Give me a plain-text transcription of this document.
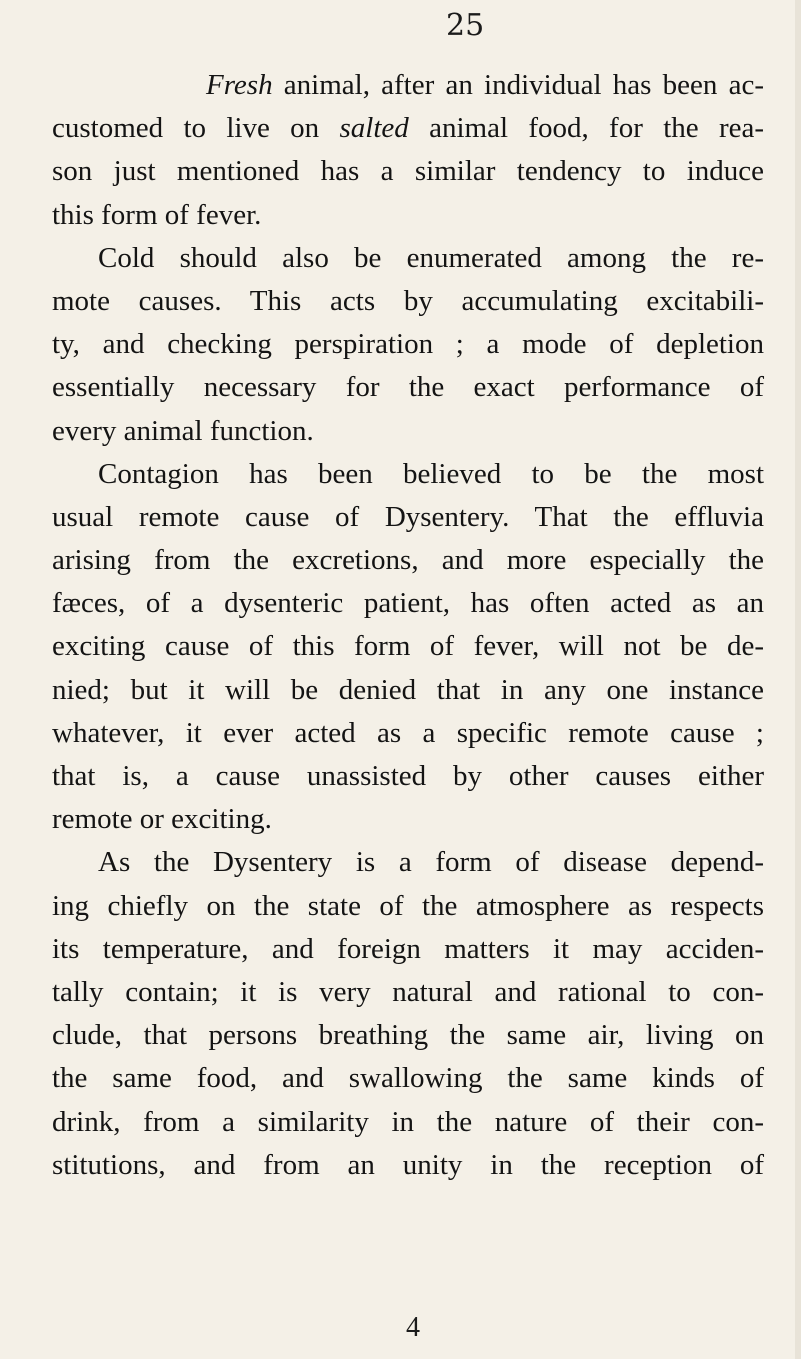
25

Fresh animal, after an individual has been ac-
customed to live on salted animal food, for the rea-
son just mentioned has a similar tendency to induce
this form of fever.
Cold should also be enumerated among the re-
mote causes. This acts by accumulating excitabili-
ty, and checking perspiration ; a mode of depletion
essentially necessary for the exact performance of
every animal function.
Contagion has been believed to be the most
usual remote cause of Dysentery. That the effluvia
arising from the excretions, and more especially the
fæces, of a dysenteric patient, has often acted as an
exciting cause of this form of fever, will not be de-
nied; but it will be denied that in any one instance
whatever, it ever acted as a specific remote cause ;
that is, a cause unassisted by other causes either
remote or exciting.
As the Dysentery is a form of disease depend-
ing chiefly on the state of the atmosphere as respects
its temperature, and foreign matters it may acciden-
tally contain; it is very natural and rational to con-
clude, that persons breathing the same air, living on
the same food, and swallowing the same kinds of
drink, from a similarity in the nature of their con-
stitutions, and from an unity in the reception of

4
